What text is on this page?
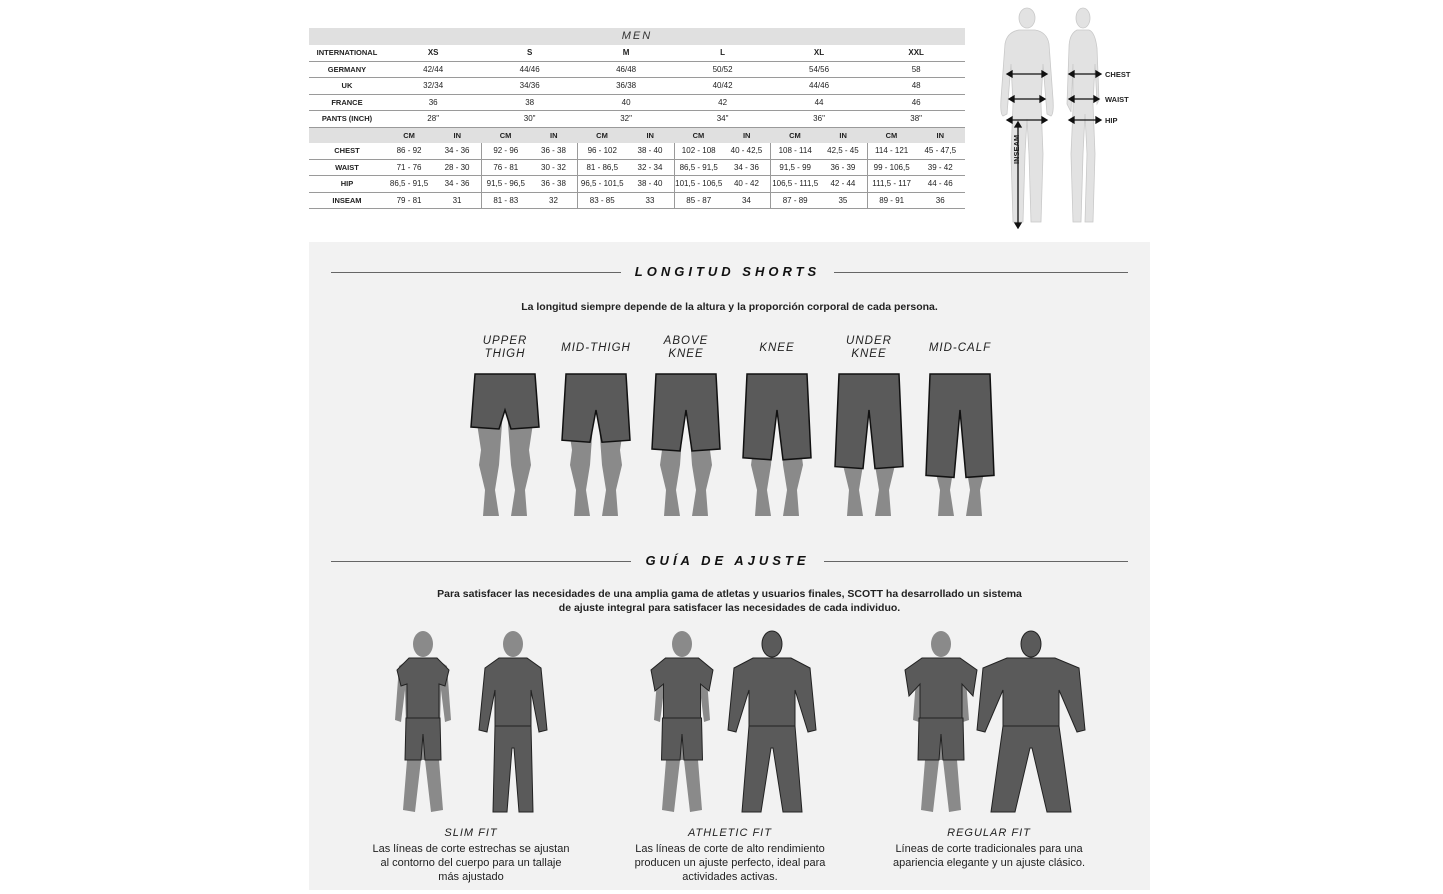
MEN												
INTERNATIONAL	XS		S		M		L		XL		XXL	
GERMANY	42/44		44/46		46/48		50/52		54/56		58	
UK	32/34		34/36		36/38		40/42		44/46		48	
FRANCE	36		38		40		42		44		46	
PANTS (INCH)	28"		30"		32"		34"		36"		38"	
	CM	IN	CM	IN	CM	IN	CM	IN	CM	IN	CM	IN
CHEST	86 - 92	34 - 36	92 - 96	36 - 38	96 - 102	38 - 40	102 - 108	40 - 42,5	108 - 114	42,5 - 45	114 - 121	45 - 47,5
WAIST	71 - 76	28 - 30	76 - 81	30 - 32	81 - 86,5	32 - 34	86,5 - 91,5	34 - 36	91,5 - 99	36 - 39	99 - 106,5	39 - 42
HIP	86,5 - 91,5	34 - 36	91,5 - 96,5	36 - 38	96,5 - 101,5	38 - 40	101,5 - 106,5	40 - 42	106,5 - 111,5	42 - 44	111,5 - 117	44 - 46
INSEAM	79 - 81	31	81 - 83	32	83 - 85	33	85 - 87	34	87 - 89	35	89 - 91	36
CHEST
WAIST
HIP
INSEAM
LONGITUD SHORTS
La longitud siempre depende de la altura y la proporción corporal de cada persona.
UPPER
THIGH	MID-THIGH
ABOVE
KNEE	KNEE
UNDER
KNEE	MID-CALF
GUÍA DE AJUSTE
Para satisfacer las necesidades de una amplia gama de atletas y usuarios finales, SCOTT ha desarrollado un sistema
de ajuste integral para satisfacer las necesidades de cada individuo.
SLIM FIT
Las líneas de corte estrechas se ajustan
al contorno del cuerpo para un tallaje
más ajustado
ATHLETIC FIT
Las líneas de corte de alto rendimiento
producen un ajuste perfecto, ideal para
actividades activas.
REGULAR FIT
Líneas de corte tradicionales para una
apariencia elegante y un ajuste clásico.
